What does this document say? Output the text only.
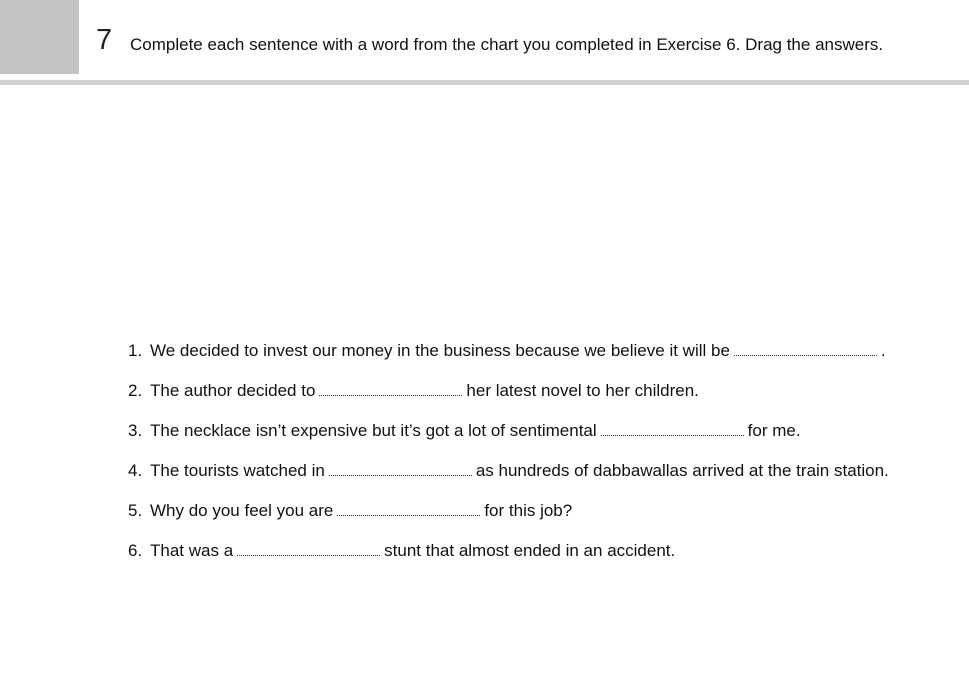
7 Complete each sentence with a word from the chart you completed in Exercise 6. Drag the answers.
1. We decided to invest our money in the business because we believe it will be	.
2. The author decided to	her latest novel to her children.
3. The necklace isn’t expensive but it’s got a lot of sentimental	for me.
4. The tourists watched in	as hundreds of dabbawallas arrived at the train station.
5. Why do you feel you are	for this job?
6. That was a	stunt that almost ended in an accident.
